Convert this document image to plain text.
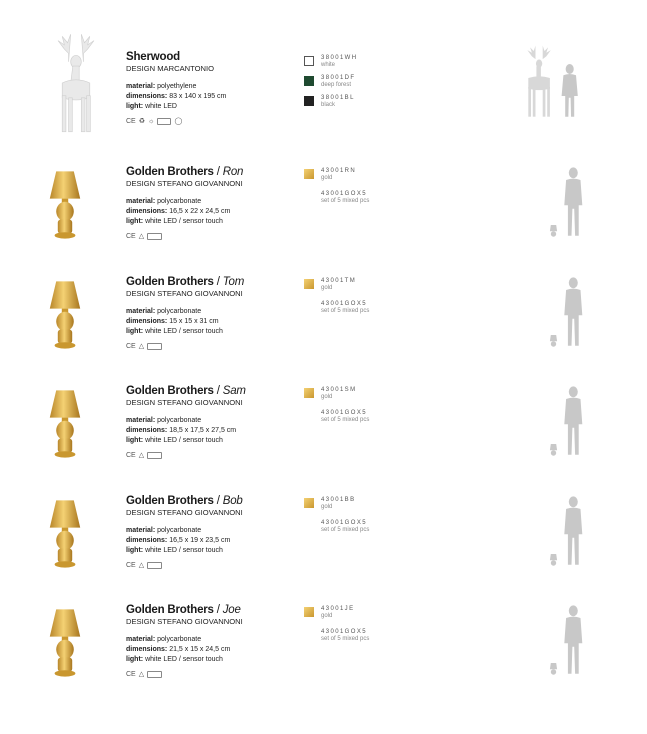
Sherwood
DESIGN MARCANTONIO
material: polyethylene
dimensions: 83 x 140 x 195 cm
light: white LED
CE ♻ ☼	◯
38001WH
white
38001DF
deep forest
38001BL
black
Golden Brothers / Ron
DESIGN STEFANO GIOVANNONI
material: polycarbonate
dimensions: 16,5 x 22 x 24,5 cm
light: white LED / sensor touch
CE △
43001RN
gold
43001GOX5
set of 5 mixed pcs
Golden Brothers / Tom
DESIGN STEFANO GIOVANNONI
material: polycarbonate
dimensions: 15 x 15 x 31 cm
light: white LED / sensor touch
CE △
43001TM
gold
43001GOX5
set of 5 mixed pcs
Golden Brothers / Sam
DESIGN STEFANO GIOVANNONI
material: polycarbonate
dimensions: 18,5 x 17,5 x 27,5 cm
light: white LED / sensor touch
CE △
43001SM
gold
43001GOX5
set of 5 mixed pcs
Golden Brothers / Bob
DESIGN STEFANO GIOVANNONI
material: polycarbonate
dimensions: 16,5 x 19 x 23,5 cm
light: white LED / sensor touch
CE △
43001BB
gold
43001GOX5
set of 5 mixed pcs
Golden Brothers / Joe
DESIGN STEFANO GIOVANNONI
material: polycarbonate
dimensions: 21,5 x 15 x 24,5 cm
light: white LED / sensor touch
CE △
43001JE
gold
43001GOX5
set of 5 mixed pcs
